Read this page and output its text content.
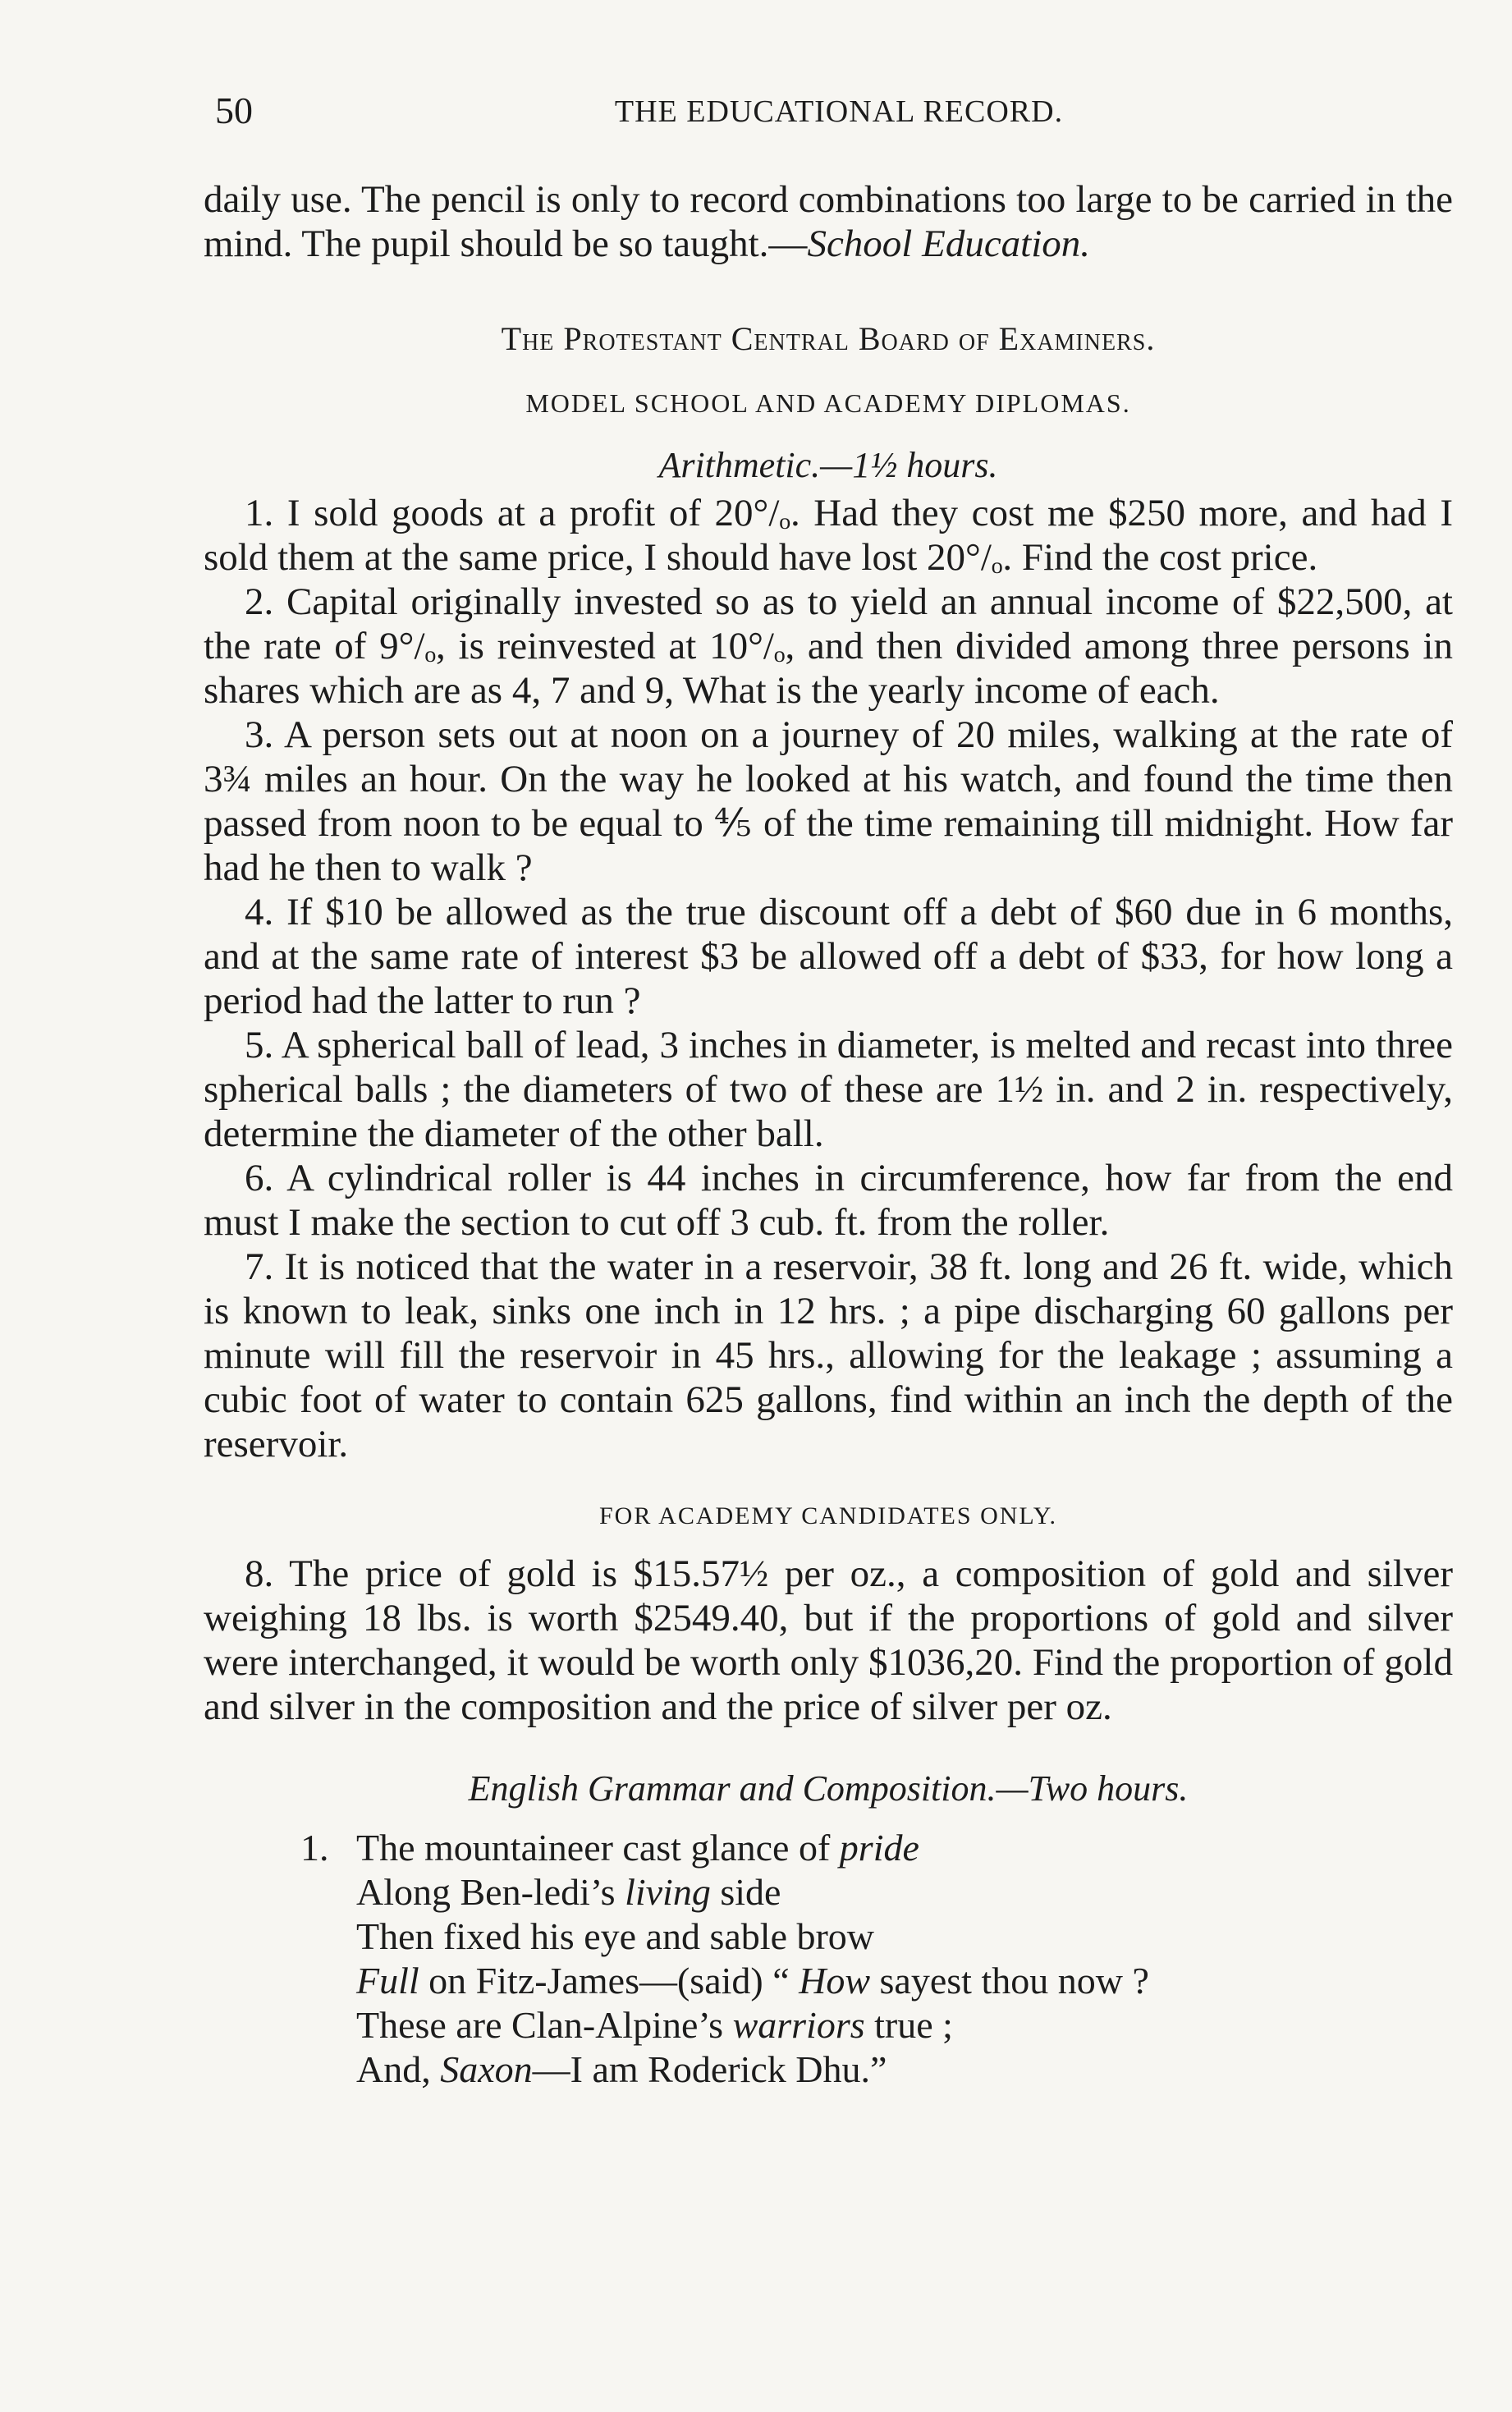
50	THE EDUCATIONAL RECORD.

daily use. The pencil is only to record combinations too large to be carried in the mind. The pupil should be so taught.—School Education.

The Protestant Central Board of Examiners.

MODEL SCHOOL AND ACADEMY DIPLOMAS.

Arithmetic.—1½ hours.

1. I sold goods at a profit of 20°/ₒ. Had they cost me $250 more, and had I sold them at the same price, I should have lost 20°/ₒ. Find the cost price.

2. Capital originally invested so as to yield an annual income of $22,500, at the rate of 9°/ₒ, is reinvested at 10°/ₒ, and then divided among three persons in shares which are as 4, 7 and 9, What is the yearly income of each.

3. A person sets out at noon on a journey of 20 miles, walking at the rate of 3¾ miles an hour. On the way he looked at his watch, and found the time then passed from noon to be equal to ⅘ of the time remaining till midnight. How far had he then to walk ?

4. If $10 be allowed as the true discount off a debt of $60 due in 6 months, and at the same rate of interest $3 be allowed off a debt of $33, for how long a period had the latter to run ?

5. A spherical ball of lead, 3 inches in diameter, is melted and recast into three spherical balls ; the diameters of two of these are 1½ in. and 2 in. respectively, determine the diameter of the other ball.

6. A cylindrical roller is 44 inches in circumference, how far from the end must I make the section to cut off 3 cub. ft. from the roller.

7. It is noticed that the water in a reservoir, 38 ft. long and 26 ft. wide, which is known to leak, sinks one inch in 12 hrs. ; a pipe discharging 60 gallons per minute will fill the reservoir in 45 hrs., allowing for the leakage ; assuming a cubic foot of water to contain 625 gallons, find within an inch the depth of the reservoir.

FOR ACADEMY CANDIDATES ONLY.

8. The price of gold is $15.57½ per oz., a composition of gold and silver weighing 18 lbs. is worth $2549.40, but if the proportions of gold and silver were interchanged, it would be worth only $1036,20. Find the proportion of gold and silver in the composition and the price of silver per oz.

English Grammar and Composition.—Two hours.

1. The mountaineer cast glance of pride
Along Ben-ledi’s living side
Then fixed his eye and sable brow
Full on Fitz-James—(said) “ How sayest thou now ?
These are Clan-Alpine’s warriors true ;
And, Saxon—I am Roderick Dhu.”
